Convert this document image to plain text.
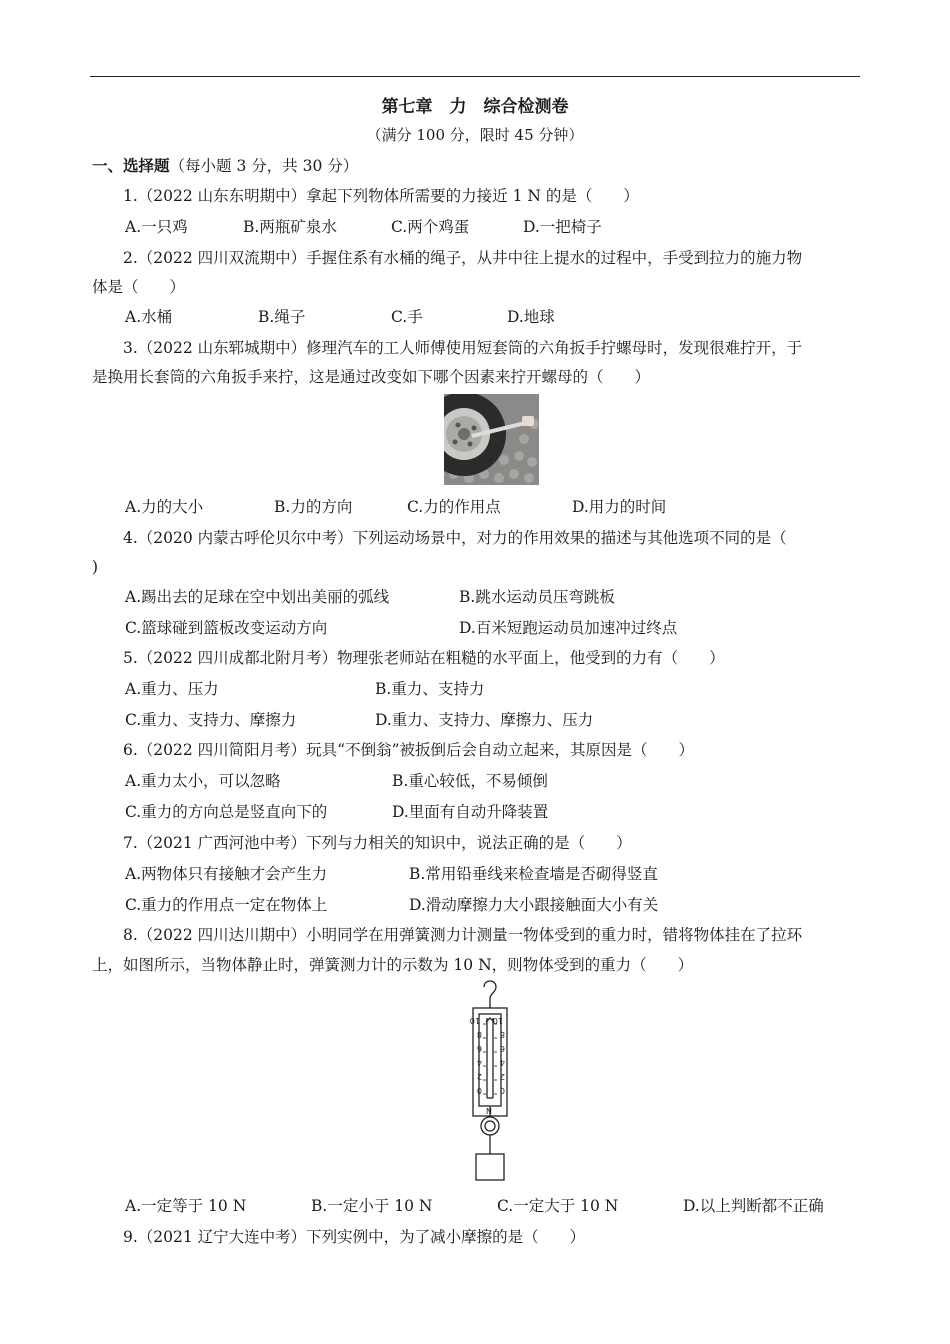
第七章　力　综合检测卷
（满分 100 分，限时 45 分钟）
一、选择题（每小题 3 分，共 30 分）
1.（2022 山东东明期中）拿起下列物体所需要的力接近 1 N 的是（　　）
A.一只鸡	B.两瓶矿泉水	C.两个鸡蛋	D.一把椅子
2.（2022 四川双流期中）手握住系有水桶的绳子，从井中往上提水的过程中，手受到拉力的施力物
体是（　　）
A.水桶	B.绳子	C.手	D.地球
3.（2022 山东郓城期中）修理汽车的工人师傅使用短套筒的六角扳手拧螺母时，发现很难拧开，于
是换用长套筒的六角扳手来拧，这是通过改变如下哪个因素来拧开螺母的（　　）
A.力的大小	B.力的方向	C.力的作用点	D.用力的时间
4.（2020 内蒙古呼伦贝尔中考）下列运动场景中，对力的作用效果的描述与其他选项不同的是（
)
A.踢出去的足球在空中划出美丽的弧线	B.跳水运动员压弯跳板
C.篮球碰到篮板改变运动方向	D.百米短跑运动员加速冲过终点
5.（2022 四川成都北附月考）物理张老师站在粗糙的水平面上，他受到的力有（　　）
A.重力、压力	B.重力、支持力
C.重力、支持力、摩擦力	D.重力、支持力、摩擦力、压力
6.（2022 四川简阳月考）玩具“不倒翁”被扳倒后会自动立起来，其原因是（　　）
A.重力太小，可以忽略	B.重心较低，不易倾倒
C.重力的方向总是竖直向下的	D.里面有自动升降装置
7.（2021 广西河池中考）下列与力相关的知识中，说法正确的是（　　）
A.两物体只有接触才会产生力	B.常用铅垂线来检查墙是否砌得竖直
C.重力的作用点一定在物体上	D.滑动摩擦力大小跟接触面大小有关
8.（2022 四川达川期中）小明同学在用弹簧测力计测量一物体受到的重力时，错将物体挂在了拉环
上，如图所示，当物体静止时，弹簧测力计的示数为 10 N，则物体受到的重力（　　）
0
2
4
6
8
10
0
2
4
6
8
10
N
A.一定等于 10 N	B.一定小于 10 N	C.一定大于 10 N	D.以上判断都不正确
9.（2021 辽宁大连中考）下列实例中，为了减小摩擦的是（　　）
